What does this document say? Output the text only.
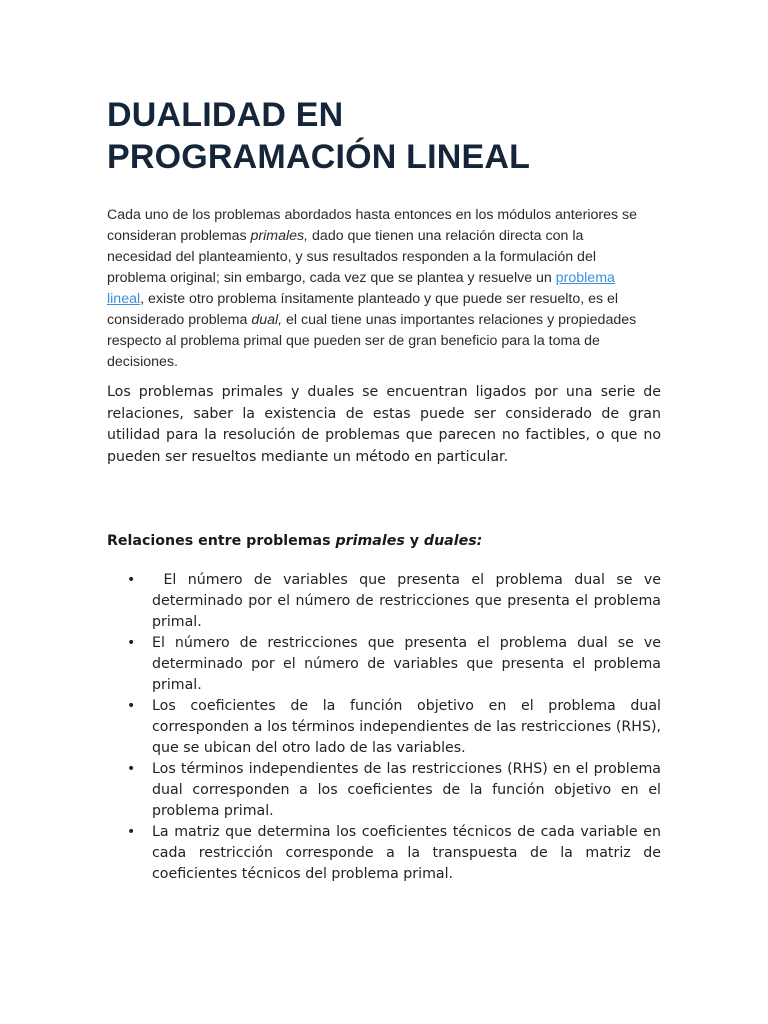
DUALIDAD EN
PROGRAMACIÓN LINEAL

Cada uno de los problemas abordados hasta entonces en los módulos anteriores se consideran problemas primales, dado que tienen una relación directa con la necesidad del planteamiento, y sus resultados responden a la formulación del problema original; sin embargo, cada vez que se plantea y resuelve un problema lineal, existe otro problema ínsitamente planteado y que puede ser resuelto, es el considerado problema dual, el cual tiene unas importantes relaciones y propiedades respecto al problema primal que pueden ser de gran beneficio para la toma de decisiones.

Los problemas primales y duales se encuentran ligados por una serie de relaciones, saber la existencia de estas puede ser considerado de gran utilidad para la resolución de problemas que parecen no factibles, o que no pueden ser resueltos mediante un método en particular.

Relaciones entre problemas primales y duales:

• El número de variables que presenta el problema dual se ve determinado por el número de restricciones que presenta el problema primal.
• El número de restricciones que presenta el problema dual se ve determinado por el número de variables que presenta el problema primal.
• Los coeficientes de la función objetivo en el problema dual corresponden a los términos independientes de las restricciones (RHS), que se ubican del otro lado de las variables.
• Los términos independientes de las restricciones (RHS) en el problema dual corresponden a los coeficientes de la función objetivo en el problema primal.
• La matriz que determina los coeficientes técnicos de cada variable en cada restricción corresponde a la transpuesta de la matriz de coeficientes técnicos del problema primal.
